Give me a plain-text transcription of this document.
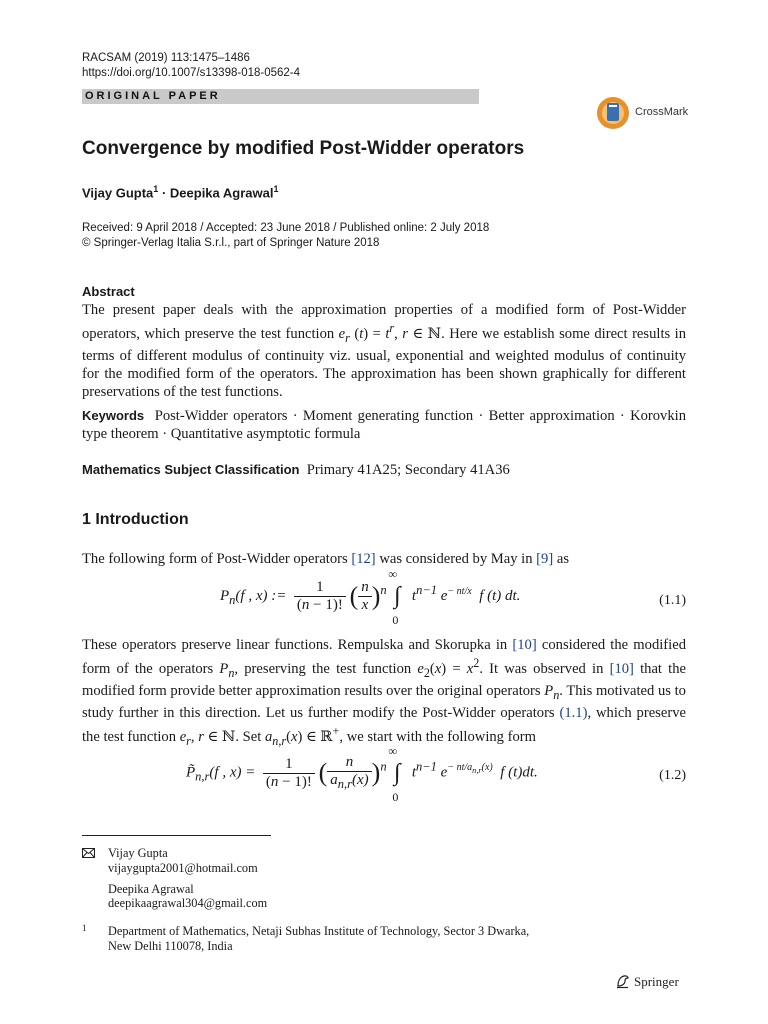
RACSAM (2019) 113:1475–1486
https://doi.org/10.1007/s13398-018-0562-4
ORIGINAL PAPER
CrossMark
Convergence by modified Post-Widder operators
Vijay Gupta$^1$ · Deepika Agrawal$^1$
Received: 9 April 2018 / Accepted: 23 June 2018 / Published online: 2 July 2018
© Springer-Verlag Italia S.r.l., part of Springer Nature 2018
Abstract
The present paper deals with the approximation properties of a modified form of Post-Widder operators, which preserve the test function $e_r$ $(t) = t^r$, r ∈ ℕ. Here we establish some direct results in terms of different modulus of continuity viz. usual, exponential and weighted modulus of continuity for the modified form of the operators. The approximation has been shown graphically for different preservations of the test functions.
Keywords Post-Widder operators · Moment generating function · Better approximation · Korovkin type theorem · Quantitative asymptotic formula
Mathematics Subject Classification Primary 41A25; Secondary 41A36
1 Introduction
The following form of Post-Widder operators [12] was considered by May in [9] as
$P_n(f$ , x) := $\frac{1}{(n - 1)!}$ ( $\frac{n}{x} )^n$
∞
∫
0
$t^{n-1}$ $e^{- nt/x}$  f (t) dt.	(1.1)
These operators preserve linear functions. Rempulska and Skorupka in [10] considered the modified form of the operators $P_n$, preserving the test function $e_2(x) = x^2$. It was observed in [10] that the modified form provide better approximation results over the original operators $P_n$. This motivated us to study further in this direction. Let us further modify the Post-Widder operators (1.1), which preserve the test function $e_r$, r ∈ ℕ. Set $a_{n,r}(x)$ ∈ ℝ+, we start with the following form
$P̃_{n,r}(f$ , $x) = \frac{1}{(n - 1)!}$ ( $\frac{n}{a_{n,r}(x)} )^n$
∞
∫
0
$t^{n-1}$ $e^{- nt/a_{n,r}(x)}$  f (t)dt.	(1.2)
Vijay Gupta
vijaygupta2001@hotmail.com
Deepika Agrawal
deepikaagrawal304@gmail.com
1 Department of Mathematics, Netaji Subhas Institute of Technology, Sector 3 Dwarka,
New Delhi 110078, India
Springer
